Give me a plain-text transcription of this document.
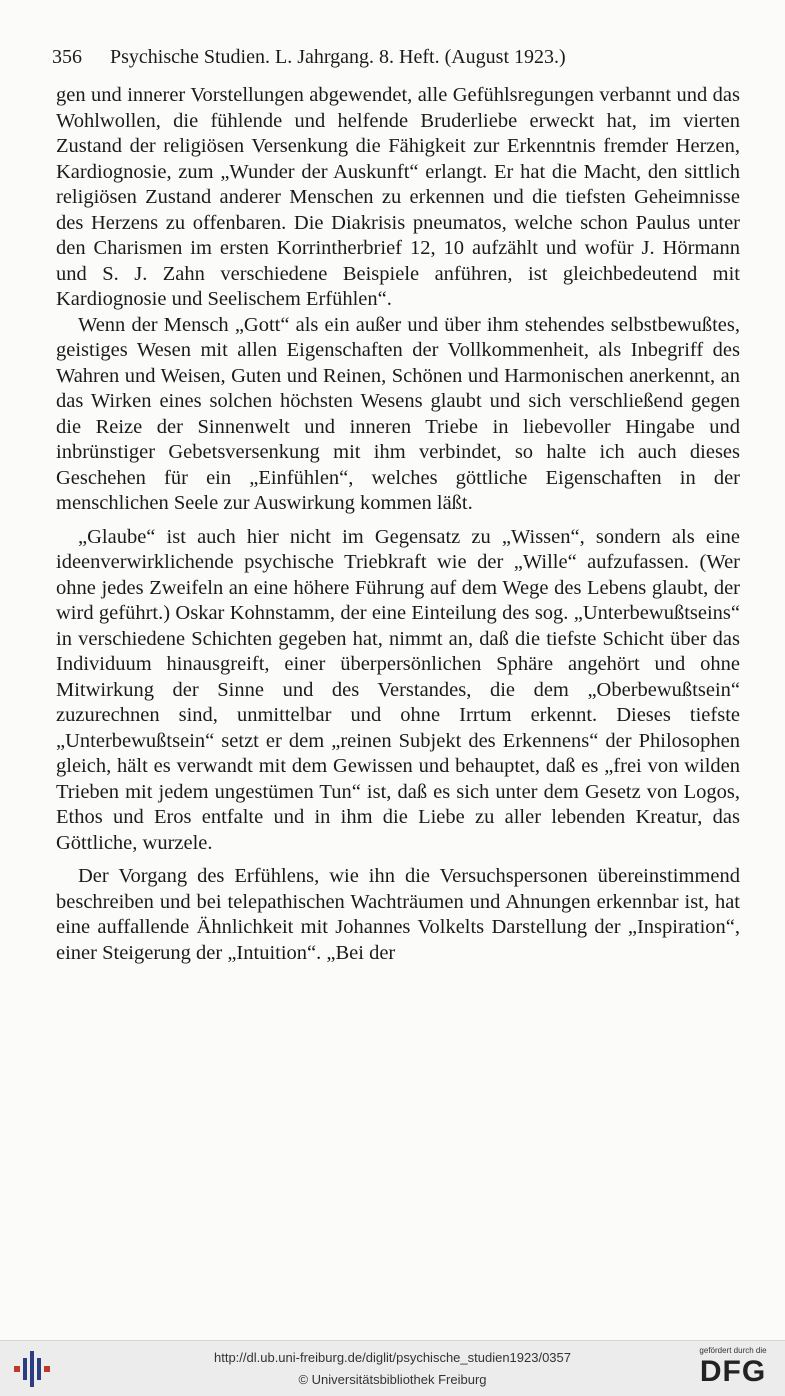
356 Psychische Studien. L. Jahrgang. 8. Heft. (August 1923.)

gen und innerer Vorstellungen abgewendet, alle Gefühlsregungen verbannt und das Wohlwollen, die fühlende und helfende Bruderliebe erweckt hat, im vierten Zustand der religiösen Versenkung die Fähigkeit zur Erkenntnis fremder Herzen, Kardiognosie, zum „Wunder der Auskunft“ erlangt. Er hat die Macht, den sittlich religiösen Zustand anderer Menschen zu erkennen und die tiefsten Geheimnisse des Herzens zu offenbaren. Die Diakrisis pneumatos, welche schon Paulus unter den Charismen im ersten Korrintherbrief 12, 10 aufzählt und wofür J. Hörmann und S. J. Zahn verschiedene Beispiele anführen, ist gleichbedeutend mit Kardiognosie und Seelischem Erfühlen“.

Wenn der Mensch „Gott“ als ein außer und über ihm stehendes selbstbewußtes, geistiges Wesen mit allen Eigenschaften der Vollkommenheit, als Inbegriff des Wahren und Weisen, Guten und Reinen, Schönen und Harmonischen anerkennt, an das Wirken eines solchen höchsten Wesens glaubt und sich verschließend gegen die Reize der Sinnenwelt und inneren Triebe in liebevoller Hingabe und inbrünstiger Gebetsversenkung mit ihm verbindet, so halte ich auch dieses Geschehen für ein „Einfühlen“, welches göttliche Eigenschaften in der menschlichen Seele zur Auswirkung kommen läßt.

„Glaube“ ist auch hier nicht im Gegensatz zu „Wissen“, sondern als eine ideenverwirklichende psychische Triebkraft wie der „Wille“ aufzufassen. (Wer ohne jedes Zweifeln an eine höhere Führung auf dem Wege des Lebens glaubt, der wird geführt.) Oskar Kohnstamm, der eine Einteilung des sog. „Unterbewußtseins“ in verschiedene Schichten gegeben hat, nimmt an, daß die tiefste Schicht über das Individuum hinausgreift, einer überpersönlichen Sphäre angehört und ohne Mitwirkung der Sinne und des Verstandes, die dem „Oberbewußtsein“ zuzurechnen sind, unmittelbar und ohne Irrtum erkennt. Dieses tiefste „Unterbewußtsein“ setzt er dem „reinen Subjekt des Erkennens“ der Philosophen gleich, hält es verwandt mit dem Gewissen und behauptet, daß es „frei von wilden Trieben mit jedem ungestümen Tun“ ist, daß es sich unter dem Gesetz von Logos, Ethos und Eros entfalte und in ihm die Liebe zu aller lebenden Kreatur, das Göttliche, wurzele.

Der Vorgang des Erfühlens, wie ihn die Versuchspersonen übereinstimmend beschreiben und bei telepathischen Wachträumen und Ahnungen erkennbar ist, hat eine auffallende Ähnlichkeit mit Johannes Volkelts Darstellung der „Inspiration“, einer Steigerung der „Intuition“. „Bei der

http://dl.ub.uni-freiburg.de/diglit/psychische_studien1923/0357
© Universitätsbibliothek Freiburg
gefördert durch die
DFG
